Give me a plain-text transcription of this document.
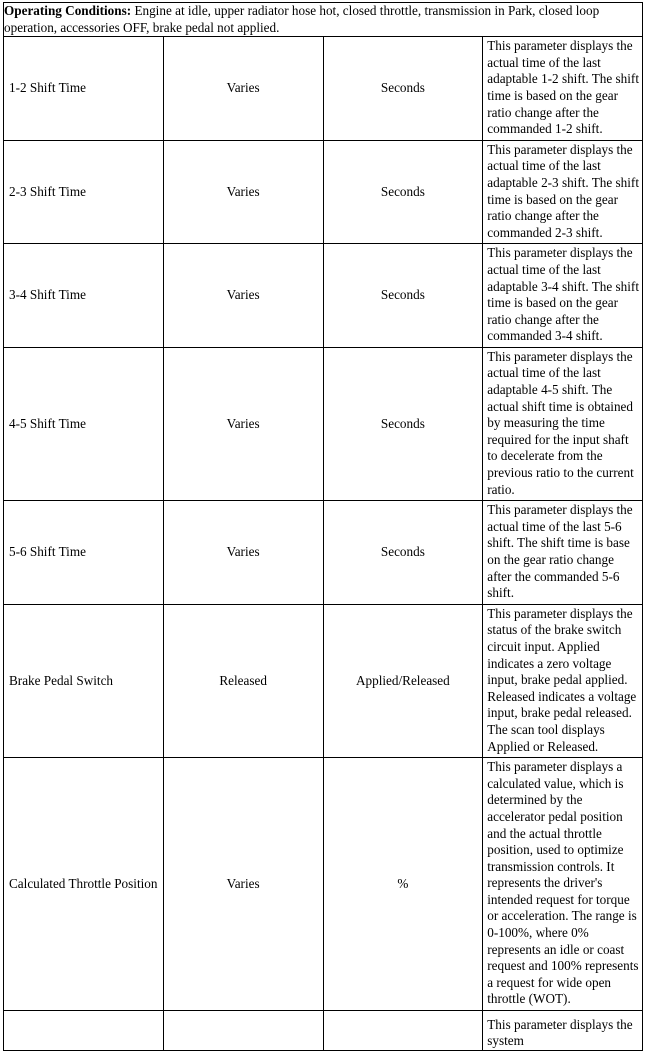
Operating Conditions: Engine at idle, upper radiator hose hot, closed throttle, transmission in Park, closed loop operation, accessories OFF, brake pedal not applied.			

1-2 Shift Time	Varies	Seconds	This parameter displays the actual time of the last adaptable 1-2 shift. The shift time is based on the gear ratio change after the commanded 1-2 shift.

2-3 Shift Time	Varies	Seconds	This parameter displays the actual time of the last adaptable 2-3 shift. The shift time is based on the gear ratio change after the commanded 2-3 shift.

3-4 Shift Time	Varies	Seconds	This parameter displays the actual time of the last adaptable 3-4 shift. The shift time is based on the gear ratio change after the commanded 3-4 shift.

4-5 Shift Time	Varies	Seconds	This parameter displays the actual time of the last adaptable 4-5 shift. The actual shift time is obtained by measuring the time required for the input shaft to decelerate from the previous ratio to the current ratio.

5-6 Shift Time	Varies	Seconds	This parameter displays the actual time of the last 5-6 shift. The shift time is base on the gear ratio change after the commanded 5-6 shift.

Brake Pedal Switch	Released	Applied/Released	This parameter displays the status of the brake switch circuit input. Applied indicates a zero voltage input, brake pedal applied. Released indicates a voltage input, brake pedal released. The scan tool displays Applied or Released.

Calculated Throttle Position	Varies	%	This parameter displays a calculated value, which is determined by the accelerator pedal position and the actual throttle position, used to optimize transmission controls. It represents the driver's intended request for torque or acceleration. The range is 0-100%, where 0% represents an idle or coast request and 100% represents a request for wide open throttle (WOT).

			This parameter displays the system
